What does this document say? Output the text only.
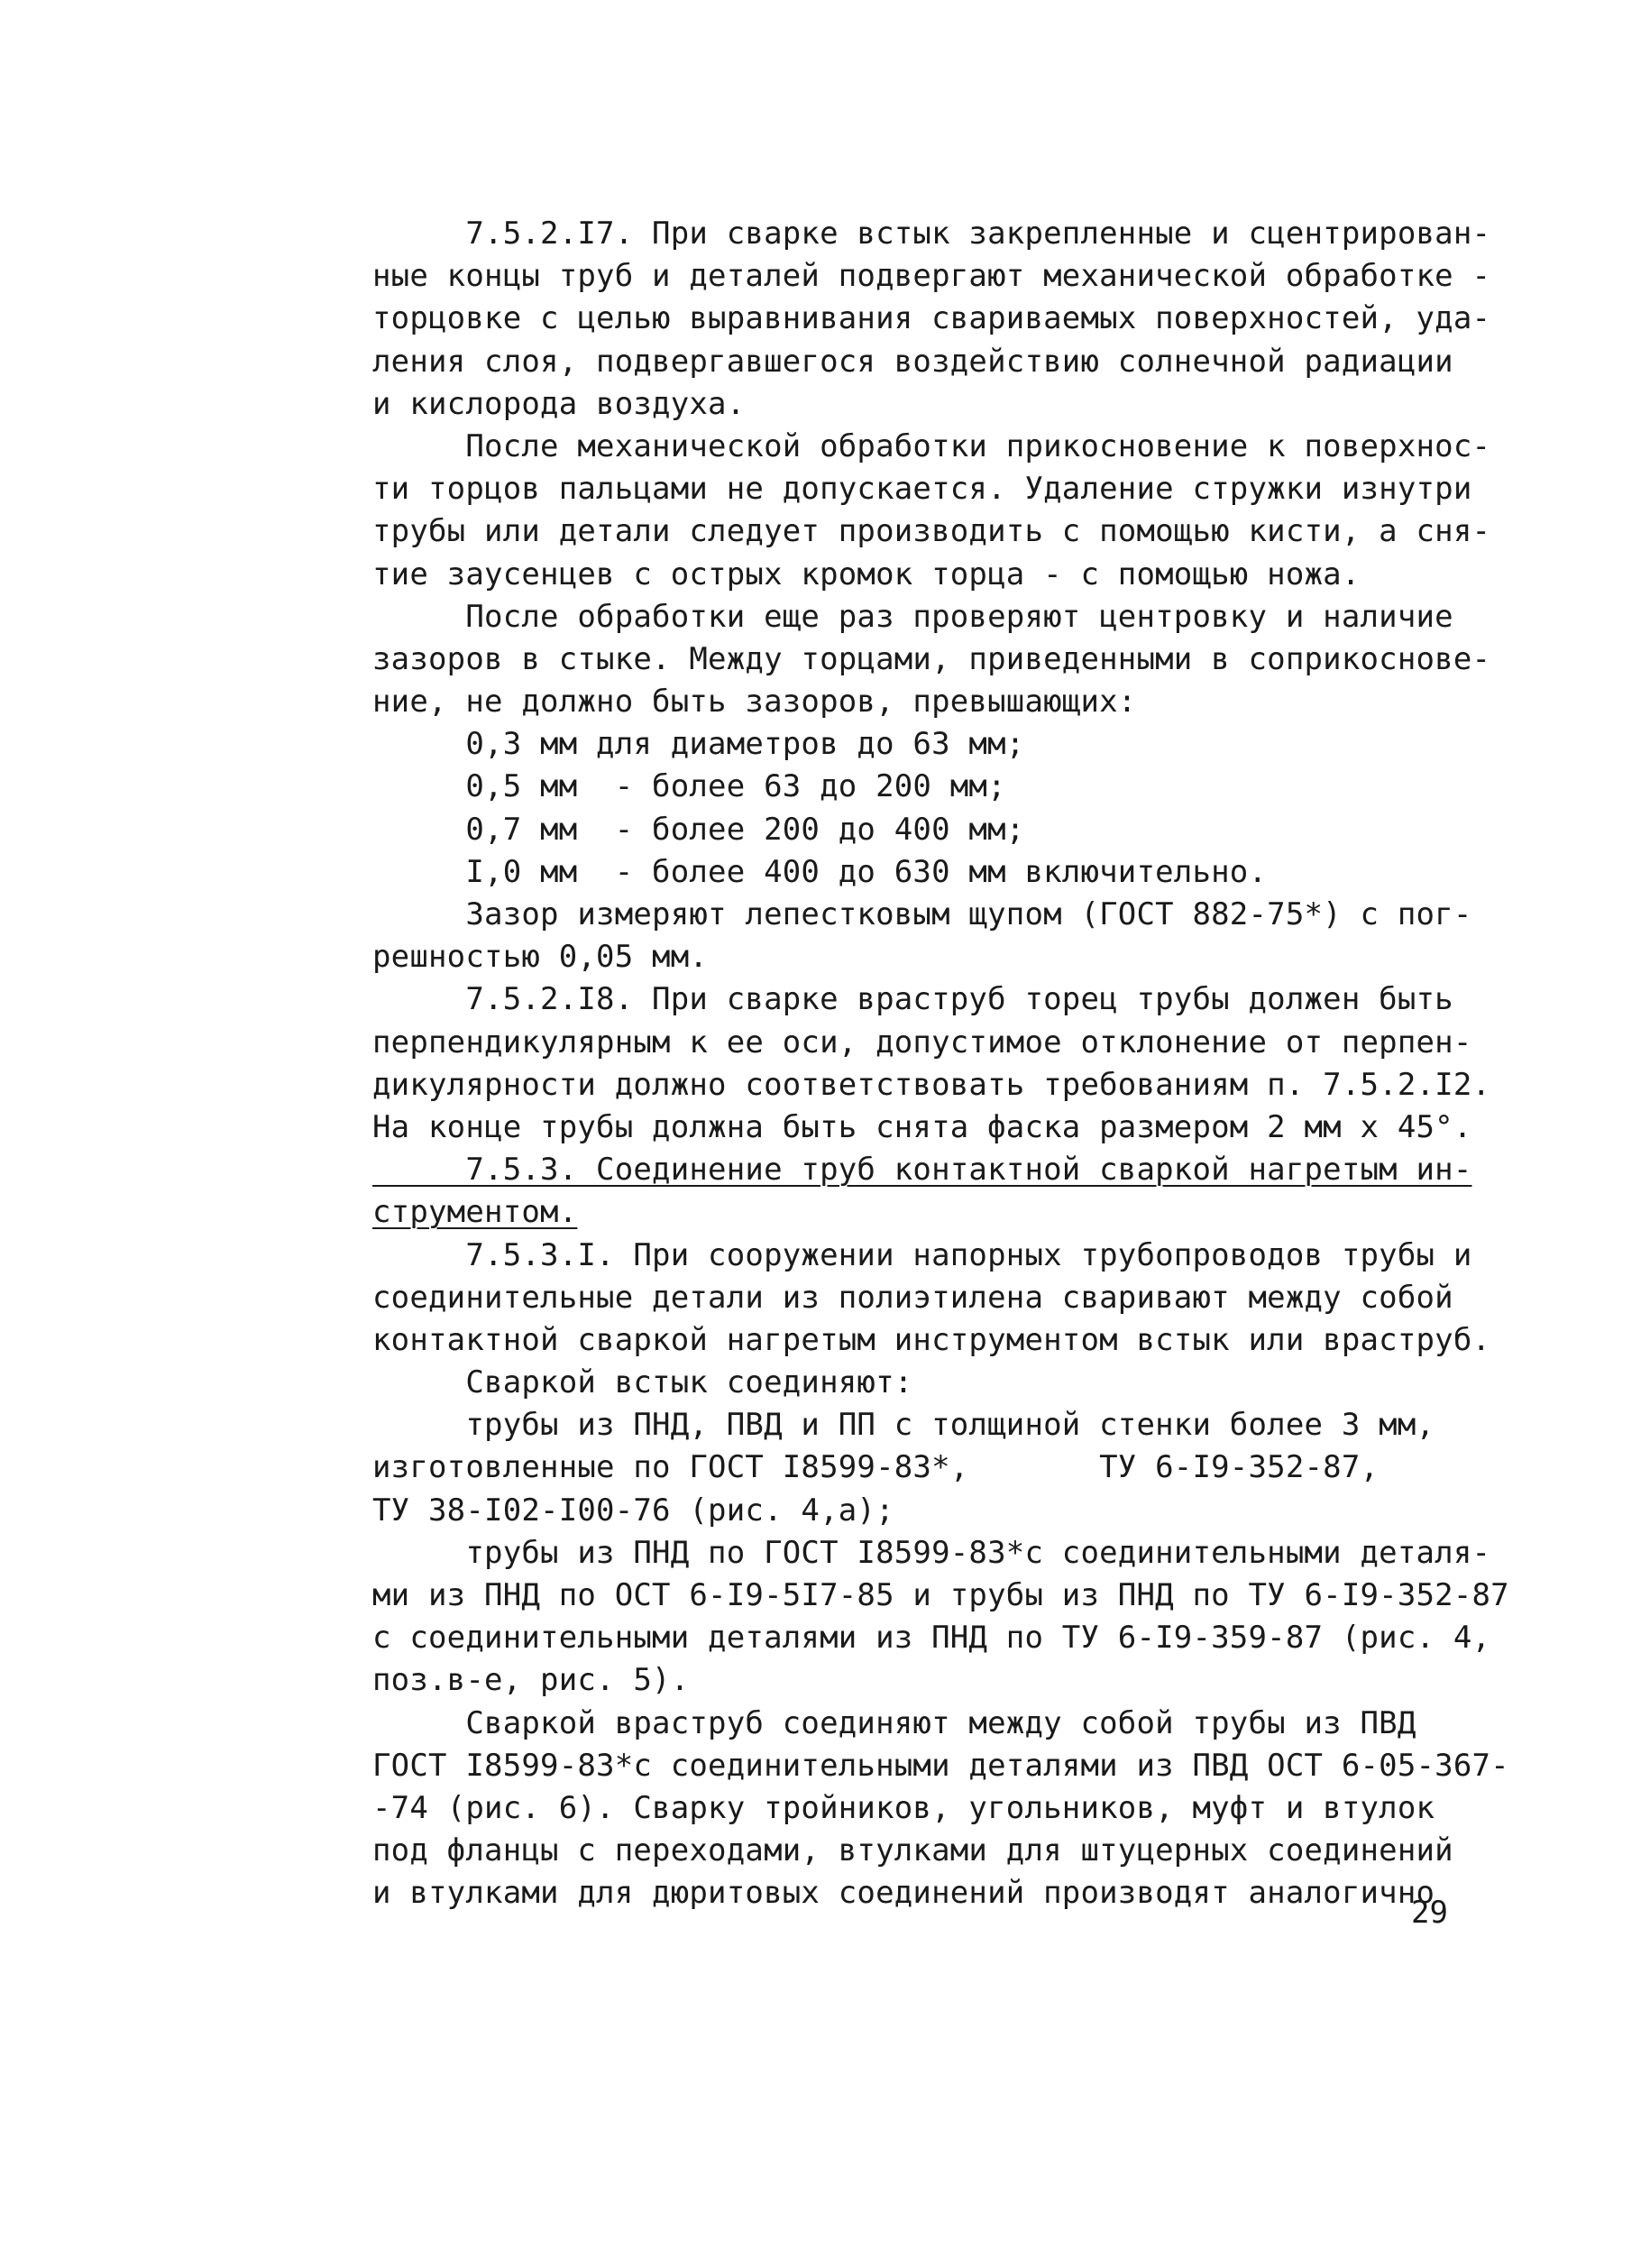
7.5.2.I7. При сварке встык закрепленные и сцентрирован-
ные концы труб и деталей подвергают механической обработке -
торцовке с целью выравнивания свариваемых поверхностей, уда-
ления слоя, подвергавшегося воздействию солнечной радиации
и кислорода воздуха.
После механической обработки прикосновение к поверхнос-
ти торцов пальцами не допускается. Удаление стружки изнутри
трубы или детали следует производить с помощью кисти, а сня-
тие заусенцев с острых кромок торца - с помощью ножа.
После обработки еще раз проверяют центровку и наличие
зазоров в стыке. Между торцами, приведенными в соприкоснове-
ние, не должно быть зазоров, превышающих:
0,3 мм для диаметров до 63 мм;
0,5 мм  - более 63 до 200 мм;
0,7 мм  - более 200 до 400 мм;
I,0 мм  - более 400 до 630 мм включительно.
Зазор измеряют лепестковым щупом (ГОСТ 882-75*) с пог-
решностью 0,05 мм.
7.5.2.I8. При сварке враструб торец трубы должен быть
перпендикулярным к ее оси, допустимое отклонение от перпен-
дикулярности должно соответствовать требованиям п. 7.5.2.I2.
На конце трубы должна быть снята фаска размером 2 мм x 45°.
7.5.3. Соединение труб контактной сваркой нагретым ин-
струментом.
7.5.3.I. При сооружении напорных трубопроводов трубы и
соединительные детали из полиэтилена сваривают между собой
контактной сваркой нагретым инструментом встык или враструб.
Сваркой встык соединяют:
трубы из ПНД, ПВД и ПП с толщиной стенки более 3 мм,
изготовленные по ГОСТ I8599-83*,       ТУ 6-I9-352-87,
ТУ 38-I02-I00-76 (рис. 4,а);
трубы из ПНД по ГОСТ I8599-83*с соединительными деталя-
ми из ПНД по ОСТ 6-I9-5I7-85 и трубы из ПНД по ТУ 6-I9-352-87
с соединительными деталями из ПНД по ТУ 6-I9-359-87 (рис. 4,
поз.в-е, рис. 5).
Сваркой враструб соединяют между собой трубы из ПВД
ГОСТ I8599-83*с соединительными деталями из ПВД ОСТ 6-05-367-
-74 (рис. 6). Сварку тройников, угольников, муфт и втулок
под фланцы с переходами, втулками для штуцерных соединений
и втулками для дюритовых соединений производят аналогично
29
